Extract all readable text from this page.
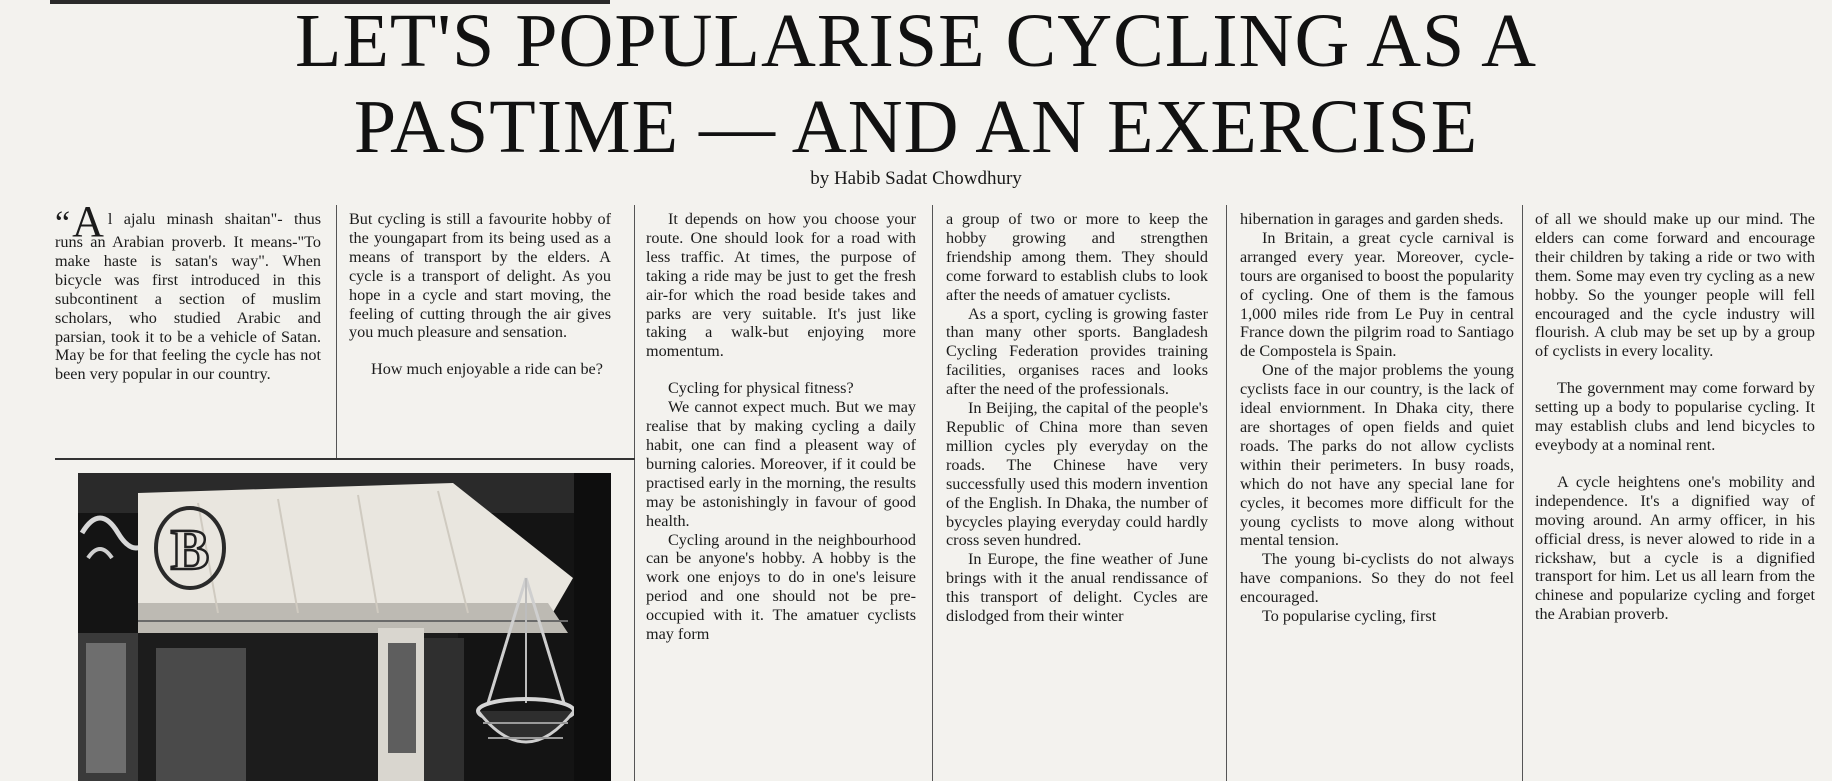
LET'S POPULARISE CYCLING AS A
PASTIME — AND AN EXERCISE

by Habib Sadat Chowdhury

“A l ajalu minash shaitan"- thus runs an Arabian proverb. It means-"To make haste is satan's way". When bicycle was first introduced in this subcontinent a section of muslim scholars, who studied Arabic and parsian, took it to be a vehicle of Satan. May be for that feeling the cycle has not been very popular in our country.

But cycling is still a favourite hobby of the youngapart from its being used as a means of transport by the elders. A cycle is a transport of delight. As you hope in a cycle and start moving, the feeling of cutting through the air gives you much pleasure and sensation.

How much enjoyable a ride can be?

It depends on how you choose your route. One should look for a road with less traffic. At times, the purpose of taking a ride may be just to get the fresh air-for which the road beside takes and parks are very suitable. It's just like taking a walk-but enjoying more momentum.

Cycling for physical fitness?

We cannot expect much. But we may realise that by making cycling a daily habit, one can find a pleasent way of burning calories. Moreover, if it could be practised early in the morning, the results may be astonishingly in favour of good health.

Cycling around in the neighbourhood can be anyone's hobby. A hobby is the work one enjoys to do in one's leisure period and one should not be pre-occupied with it. The amatuer cyclists may form

a group of two or more to keep the hobby growing and strengthen friendship among them. They should come forward to establish clubs to look after the needs of amatuer cyclists.

As a sport, cycling is growing faster than many other sports. Bangladesh Cycling Federation provides training facilities, organises races and looks after the need of the professionals.

In Beijing, the capital of the people's Republic of China more than seven million cycles ply everyday on the roads. The Chinese have very successfully used this modern invention of the English. In Dhaka, the number of bycycles playing everyday could hardly cross seven hundred.

In Europe, the fine weather of June brings with it the anual rendissance of this transport of delight. Cycles are dislodged from their winter

hibernation in garages and garden sheds.

In Britain, a great cycle carnival is arranged every year. Moreover, cycle-tours are organised to boost the popularity of cycling. One of them is the famous 1,000 miles ride from Le Puy in central France down the pilgrim road to Santiago de Compostela is Spain.

One of the major problems the young cyclists face in our country, is the lack of ideal enviornment. In Dhaka city, there are shortages of open fields and quiet roads. The parks do not allow cyclists within their perimeters. In busy roads, which do not have any special lane for cycles, it becomes more difficult for the young cyclists to move along without mental tension.

The young bi-cyclists do not always have companions. So they do not feel encouraged.

To popularise cycling, first

of all we should make up our mind. The elders can come forward and encourage their children by taking a ride or two with them. Some may even try cycling as a new hobby. So the younger people will fell encouraged and the cycle industry will flourish. A club may be set up by a group of cyclists in every locality.

The government may come forward by setting up a body to popularise cycling. It may establish clubs and lend bicycles to eveybody at a nominal rent.

A cycle heightens one's mobility and independence. It's a dignified way of moving around. An army officer, in his official dress, is never alowed to ride in a rickshaw, but a cycle is a dignified transport for him. Let us all learn from the chinese and popularize cycling and forget the Arabian proverb.

B
